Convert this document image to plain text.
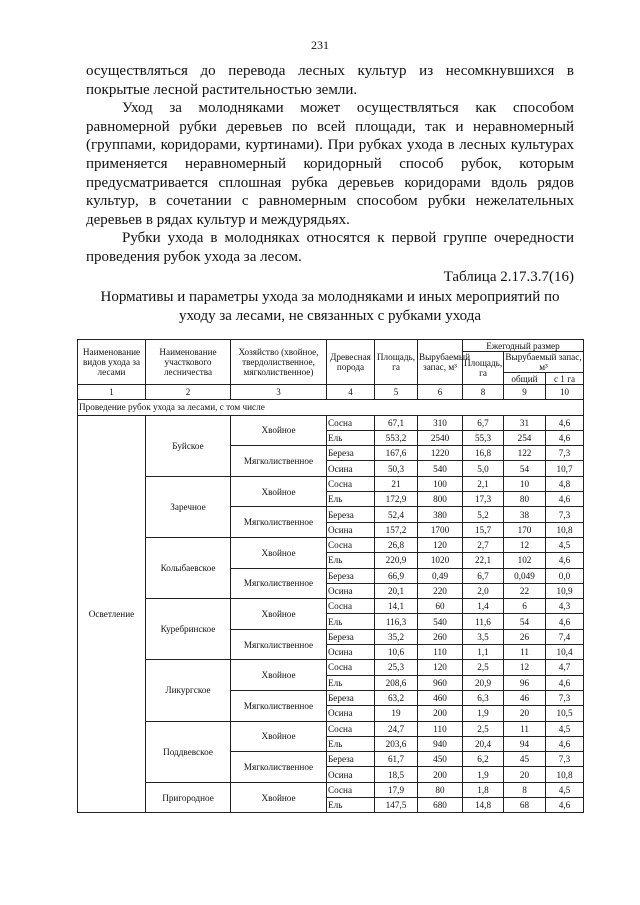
231

осуществляться до перевода лесных культур из несомкнувшихся в покрытые лесной растительностью земли.

Уход за молодняками может осуществляться как способом равномерной рубки деревьев по всей площади, так и неравномерный (группами, коридорами, куртинами). При рубках ухода в лесных культурах применяется неравномерный коридорный способ рубок, которым предусматривается сплошная рубка деревьев коридорами вдоль рядов культур, в сочетании с равномерным способом рубки нежелательных деревьев в рядах культур и междурядьях.

Рубки ухода в молодняках относятся к первой группе очередности проведения рубок ухода за лесом.

Таблица 2.17.3.7(16)
Нормативы и параметры ухода за молодняками и иных мероприятий по уходу за лесами, не связанных с рубками ухода
Наименование видов ухода за лесами	Наименование участкового лесничества	Хозяйство (хвойное, твердолиственное, мягколиственное)	Древесная порода	Площадь, га	Вырубаемый запас, м³	Ежегодный размер		
						Площадь, га	Вырубаемый запас, м³	
							общий	с 1 га
1	2	3	4	5	6	8	9	10
Проведение рубок ухода за лесами, с том числе								
Осветление	Буйское	Хвойное	Сосна	67,1	310	6,7	31	4,6
			Ель	553,2	2540	55,3	254	4,6
		Мягколиственное	Береза	167,6	1220	16,8	122	7,3
			Осина	50,3	540	5,0	54	10,7
	Заречное	Хвойное	Сосна	21	100	2,1	10	4,8
			Ель	172,9	800	17,3	80	4,6
		Мягколиственное	Береза	52,4	380	5,2	38	7,3
			Осина	157,2	1700	15,7	170	10,8
	Колыбаевское	Хвойное	Сосна	26,8	120	2,7	12	4,5
			Ель	220,9	1020	22,1	102	4,6
		Мягколиственное	Береза	66,9	0,49	6,7	0,049	0,0
			Осина	20,1	220	2,0	22	10,9
	Куребринское	Хвойное	Сосна	14,1	60	1,4	6	4,3
			Ель	116,3	540	11,6	54	4,6
		Мягколиственное	Береза	35,2	260	3,5	26	7,4
			Осина	10,6	110	1,1	11	10,4
	Ликургское	Хвойное	Сосна	25,3	120	2,5	12	4,7
			Ель	208,6	960	20,9	96	4,6
		Мягколиственное	Береза	63,2	460	6,3	46	7,3
			Осина	19	200	1,9	20	10,5
	Поддвевское	Хвойное	Сосна	24,7	110	2,5	11	4,5
			Ель	203,6	940	20,4	94	4,6
		Мягколиственное	Береза	61,7	450	6,2	45	7,3
			Осина	18,5	200	1,9	20	10,8
	Пригородное	Хвойное	Сосна	17,9	80	1,8	8	4,5
			Ель	147,5	680	14,8	68	4,6
